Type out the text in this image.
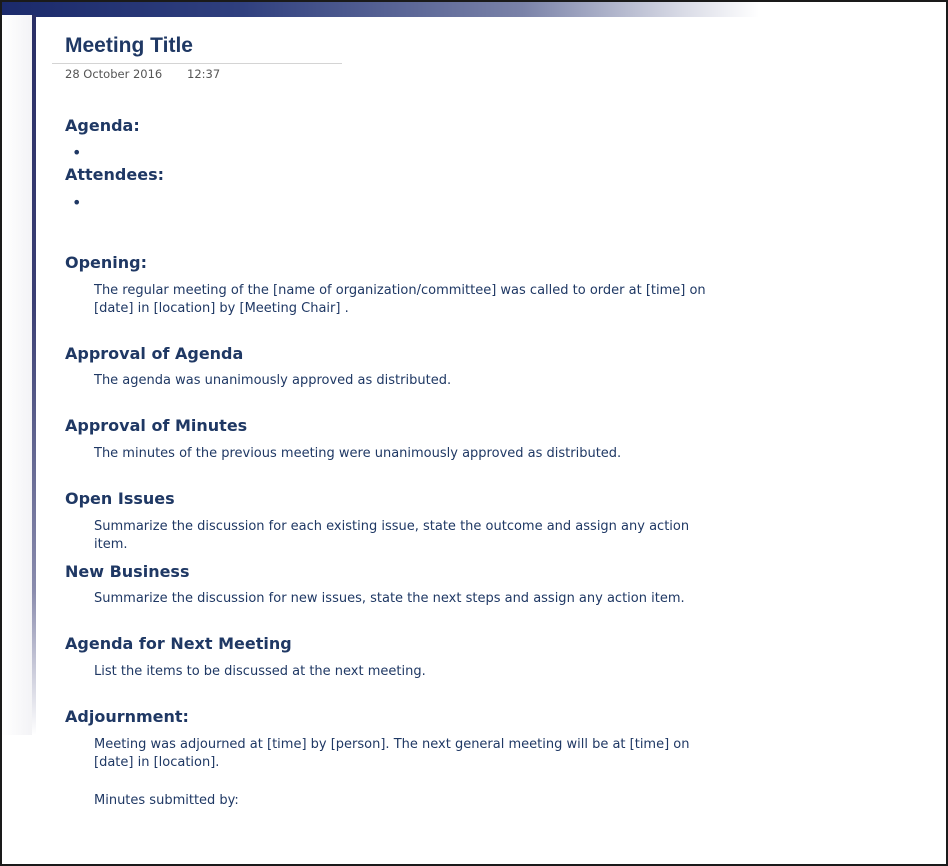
Meeting Title
28 October 2016 12:37
Agenda:
•
Attendees:
•
Opening:

The regular meeting of the [name of organization/committee] was called to order at [time] on [date] in [location] by [Meeting Chair] .

Approval of Agenda

The agenda was unanimously approved as distributed.

Approval of Minutes

The minutes of the previous meeting were unanimously approved as distributed.

Open Issues

Summarize the discussion for each existing issue, state the outcome and assign any action item.

New Business

Summarize the discussion for new issues, state the next steps and assign any action item.

Agenda for Next Meeting

List the items to be discussed at the next meeting.

Adjournment:

Meeting was adjourned at [time] by [person]. The next general meeting will be at [time] on [date] in [location].

Minutes submitted by:
